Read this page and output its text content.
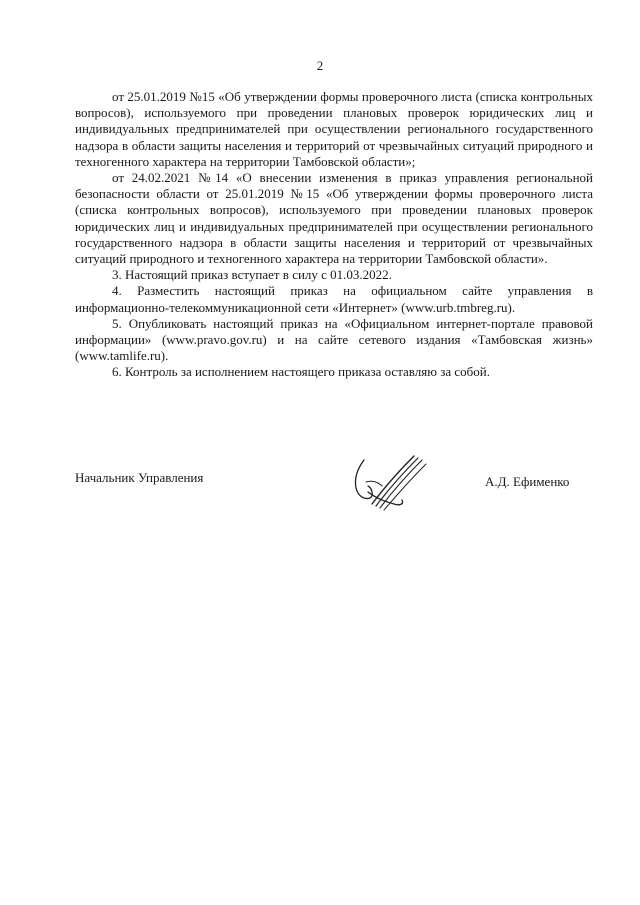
2

от 25.01.2019 №15 «Об утверждении формы проверочного листа (списка контрольных вопросов), используемого при проведении плановых проверок юридических лиц и индивидуальных предпринимателей при осуществлении регионального государственного надзора в области защиты населения и территорий от чрезвычайных ситуаций природного и техногенного характера на территории Тамбовской области»;

от 24.02.2021 №14 «О внесении изменения в приказ управления региональной безопасности области от 25.01.2019 №15 «Об утверждении формы проверочного листа (списка контрольных вопросов), используемого при проведении плановых проверок юридических лиц и индивидуальных предпринимателей при осуществлении регионального государственного надзора в области защиты населения и территорий от чрезвычайных ситуаций природного и техногенного характера на территории Тамбовской области».

3. Настоящий приказ вступает в силу с 01.03.2022.

4. Разместить настоящий приказ на официальном сайте управления в информационно-телекоммуникационной сети «Интернет» (www.urb.tmbreg.ru).

5. Опубликовать настоящий приказ на «Официальном интернет-портале правовой информации» (www.pravo.gov.ru) и на сайте сетевого издания «Тамбовская жизнь» (www.tamlife.ru).

6. Контроль за исполнением настоящего приказа оставляю за собой.

Начальник Управления	А.Д. Ефименко
